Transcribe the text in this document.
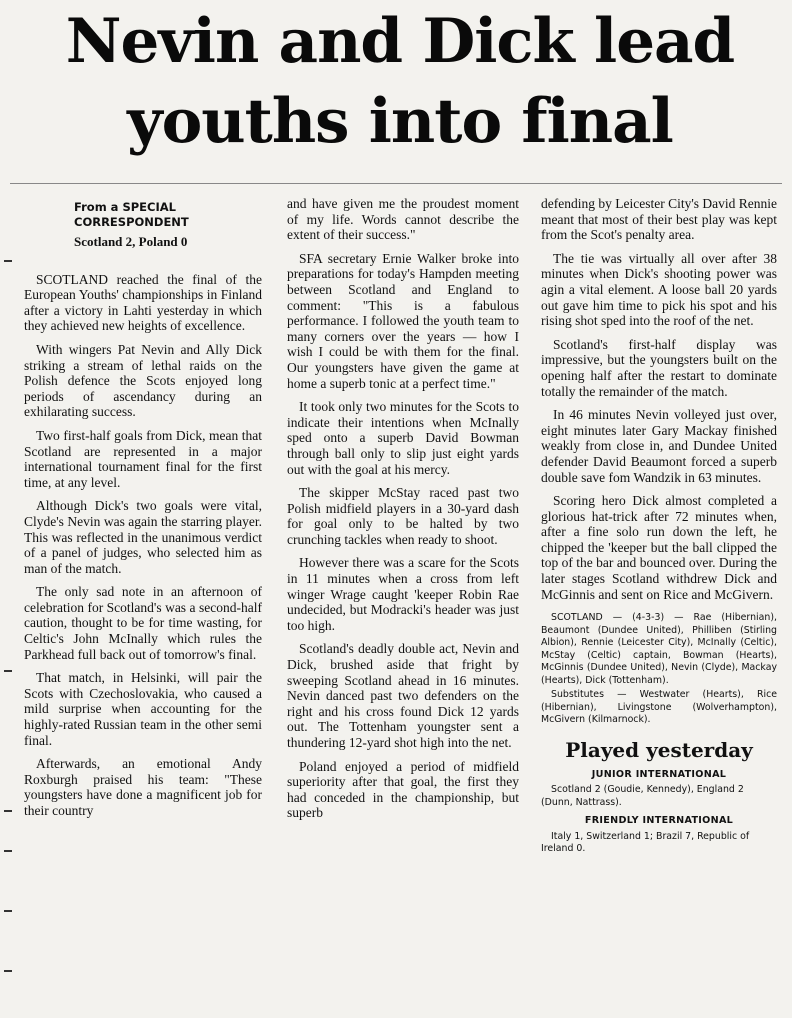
Nevin and Dick lead youths into final
From a SPECIAL
CORRESPONDENT
Scotland 2, Poland 0

SCOTLAND reached the final of the European Youths' championships in Finland after a victory in Lahti yesterday in which they achieved new heights of excellence.

With wingers Pat Nevin and Ally Dick striking a stream of lethal raids on the Polish defence the Scots enjoyed long periods of ascendancy during an exhilarating success.

Two first-half goals from Dick, mean that Scotland are represented in a major international tournament final for the first time, at any level.

Although Dick's two goals were vital, Clyde's Nevin was again the starring player. This was reflected in the unanimous verdict of a panel of judges, who selected him as man of the match.

The only sad note in an afternoon of celebration for Scotland's was a second-half caution, thought to be for time wasting, for Celtic's John McInally which rules the Parkhead full back out of tomorrow's final.

That match, in Helsinki, will pair the Scots with Czechoslovakia, who caused a mild surprise when accounting for the highly-rated Russian team in the other semi final.

Afterwards, an emotional Andy Roxburgh praised his team: "These youngsters have done a magnificent job for their country

and have given me the proudest moment of my life. Words cannot describe the extent of their success."

SFA secretary Ernie Walker broke into preparations for today's Hampden meeting between Scotland and England to comment: "This is a fabulous performance. I followed the youth team to many corners over the years — how I wish I could be with them for the final. Our youngsters have given the game at home a superb tonic at a perfect time."

It took only two minutes for the Scots to indicate their intentions when McInally sped onto a superb David Bowman through ball only to slip just eight yards out with the goal at his mercy.

The skipper McStay raced past two Polish midfield players in a 30-yard dash for goal only to be halted by two crunching tackles when ready to shoot.

However there was a scare for the Scots in 11 minutes when a cross from left winger Wrage caught 'keeper Robin Rae undecided, but Modracki's header was just too high.

Scotland's deadly double act, Nevin and Dick, brushed aside that fright by sweeping Scotland ahead in 16 minutes. Nevin danced past two defenders on the right and his cross found Dick 12 yards out. The Tottenham youngster sent a thundering 12-yard shot high into the net.

Poland enjoyed a period of midfield superiority after that goal, the first they had conceded in the championship, but superb

defending by Leicester City's David Rennie meant that most of their best play was kept from the Scot's penalty area.

The tie was virtually all over after 38 minutes when Dick's shooting power was agin a vital element. A loose ball 20 yards out gave him time to pick his spot and his rising shot sped into the roof of the net.

Scotland's first-half display was impressive, but the youngsters built on the opening half after the restart to dominate totally the remainder of the match.

In 46 minutes Nevin volleyed just over, eight minutes later Gary Mackay finished weakly from close in, and Dundee United defender David Beaumont forced a superb double save fom Wandzik in 63 minutes.

Scoring hero Dick almost completed a glorious hat-trick after 72 minutes when, after a fine solo run down the left, he chipped the 'keeper but the ball clipped the top of the bar and bounced over. During the later stages Scotland withdrew Dick and McGinnis and sent on Rice and McGivern.

SCOTLAND — (4-3-3) — Rae (Hibernian), Beaumont (Dundee United), Philliben (Stirling Albion), Rennie (Leicester City), McInally (Celtic), McStay (Celtic) captain, Bowman (Hearts), McGinnis (Dundee United), Nevin (Clyde), Mackay (Hearts), Dick (Tottenham).

Substitutes — Westwater (Hearts), Rice (Hibernian), Livingstone (Wolverhampton), McGivern (Kilmarnock).

Played yesterday
JUNIOR INTERNATIONAL
Scotland 2 (Goudie, Kennedy), England 2 (Dunn, Nattrass).
FRIENDLY INTERNATIONAL
Italy 1, Switzerland 1; Brazil 7, Republic of Ireland 0.
